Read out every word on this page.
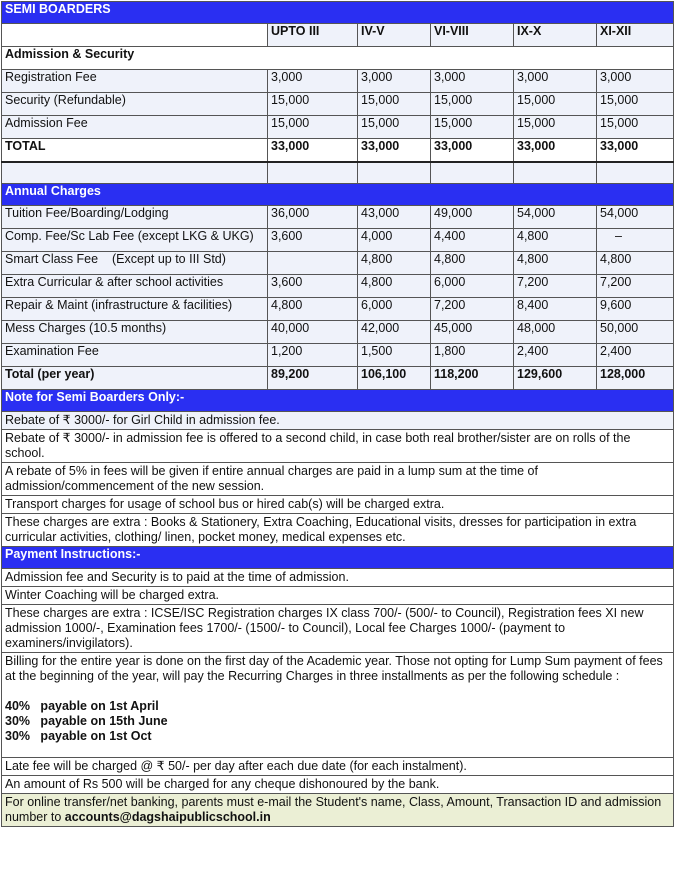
SEMI BOARDERS					
	UPTO III	IV-V	VI-VIII	IX-X	XI-XII
Admission & Security					
Registration Fee	3,000	3,000	3,000	3,000	3,000
Security (Refundable)	15,000	15,000	15,000	15,000	15,000
Admission Fee	15,000	15,000	15,000	15,000	15,000
TOTAL	33,000	33,000	33,000	33,000	33,000

Annual Charges					
Tuition Fee/Boarding/Lodging	36,000	43,000	49,000	54,000	54,000
Comp. Fee/Sc Lab Fee (except LKG & UKG)	3,600	4,000	4,400	4,800	–
Smart Class Fee    (Except up to III Std)		4,800	4,800	4,800	4,800
Extra Curricular & after school activities	3,600	4,800	6,000	7,200	7,200
Repair & Maint (infrastructure & facilities)	4,800	6,000	7,200	8,400	9,600
Mess Charges (10.5 months)	40,000	42,000	45,000	48,000	50,000
Examination Fee	1,200	1,500	1,800	2,400	2,400
Total (per year)	89,200	106,100	118,200	129,600	128,000
Note for Semi Boarders Only:-					
Rebate of ₹ 3000/- for Girl Child in admission fee.					
Rebate of ₹ 3000/- in admission fee is offered to a second child, in case both real brother/sister are on rolls of the school.					
A rebate of 5% in fees will be given if entire annual charges are paid in a lump sum at the time of admission/commencement of the new session.					
Transport charges for usage of school bus or hired cab(s) will be charged extra.					
These charges are extra : Books & Stationery, Extra Coaching, Educational visits, dresses for participation in extra curricular activities, clothing/ linen, pocket money, medical expenses etc.					
Payment Instructions:-					
Admission fee and Security is to paid at the time of admission.					
Winter Coaching will be charged extra.					
These charges are extra : ICSE/ISC Registration charges IX class 700/- (500/- to Council), Registration fees XI new admission 1000/-, Examination fees 1700/- (1500/- to Council), Local fee Charges 1000/- (payment to examiners/invigilators).					
Billing for the entire year is done on the first day of the Academic year. Those not opting for Lump Sum payment of fees at the beginning of the year, will pay the Recurring Charges in three installments as per the following schedule :
40%   payable on 1st April
30%   payable on 15th June
30%   payable on 1st Oct					

Late fee will be charged @ ₹ 50/- per day after each due date (for each instalment).					
An amount of Rs 500 will be charged for any cheque dishonoured by the bank.					
For online transfer/net banking, parents must e-mail the Student's name, Class, Amount, Transaction ID and admission number to accounts@dagshaipublicschool.in					
